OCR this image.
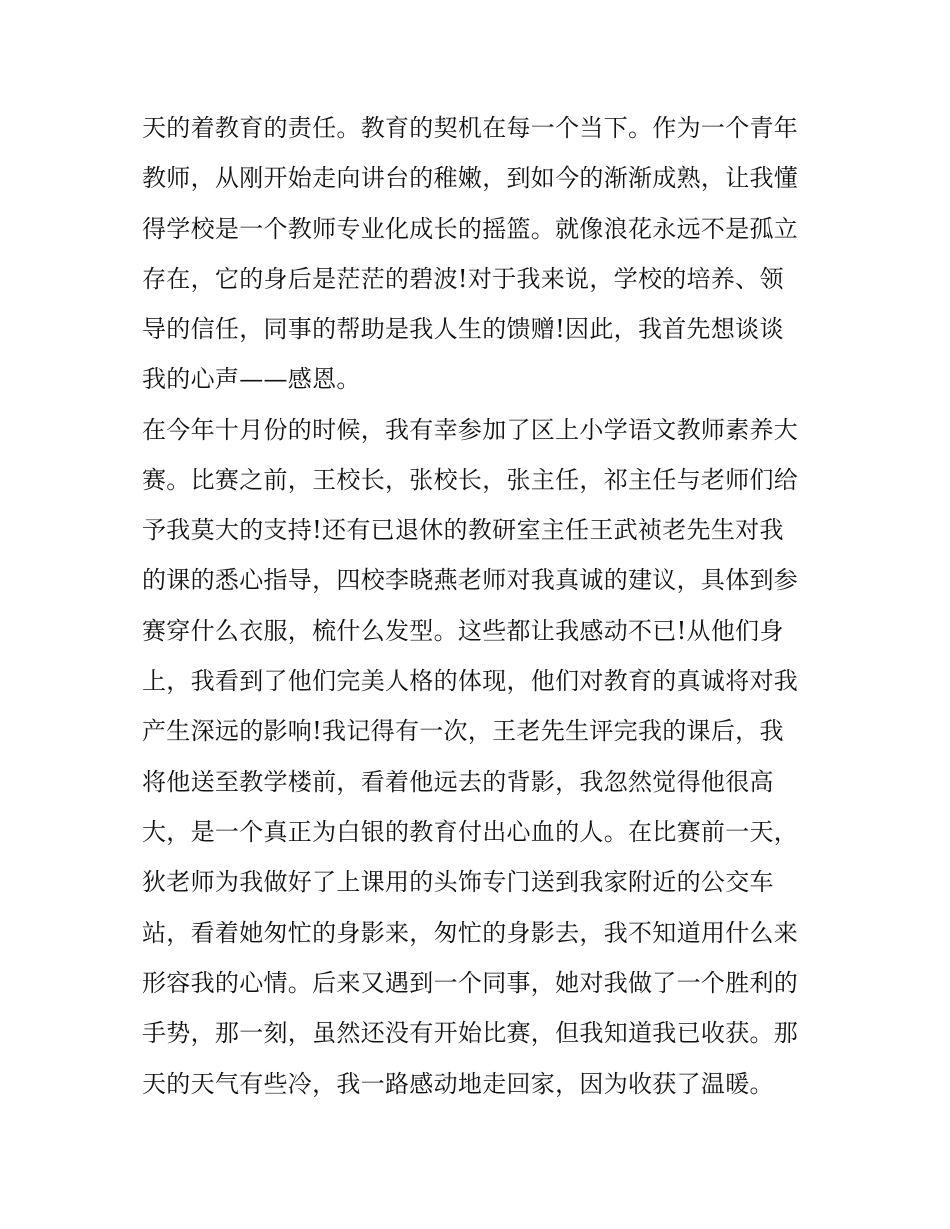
天的着教育的责任。教育的契机在每一个当下。作为一个青年
教师，从刚开始走向讲台的稚嫩，到如今的渐渐成熟，让我懂
得学校是一个教师专业化成长的摇篮。就像浪花永远不是孤立
存在，它的身后是茫茫的碧波!对于我来说，学校的培养、领
导的信任，同事的帮助是我人生的馈赠!因此，我首先想谈谈
我的心声——感恩。
在今年十月份的时候，我有幸参加了区上小学语文教师素养大
赛。比赛之前，王校长，张校长，张主任，祁主任与老师们给
予我莫大的支持!还有已退休的教研室主任王武祯老先生对我
的课的悉心指导，四校李晓燕老师对我真诚的建议，具体到参
赛穿什么衣服，梳什么发型。这些都让我感动不已!从他们身
上，我看到了他们完美人格的体现，他们对教育的真诚将对我
产生深远的影响!我记得有一次，王老先生评完我的课后，我
将他送至教学楼前，看着他远去的背影，我忽然觉得他很高
大，是一个真正为白银的教育付出心血的人。在比赛前一天，
狄老师为我做好了上课用的头饰专门送到我家附近的公交车
站，看着她匆忙的身影来，匆忙的身影去，我不知道用什么来
形容我的心情。后来又遇到一个同事，她对我做了一个胜利的
手势，那一刻，虽然还没有开始比赛，但我知道我已收获。那
天的天气有些冷，我一路感动地走回家，因为收获了温暖。
